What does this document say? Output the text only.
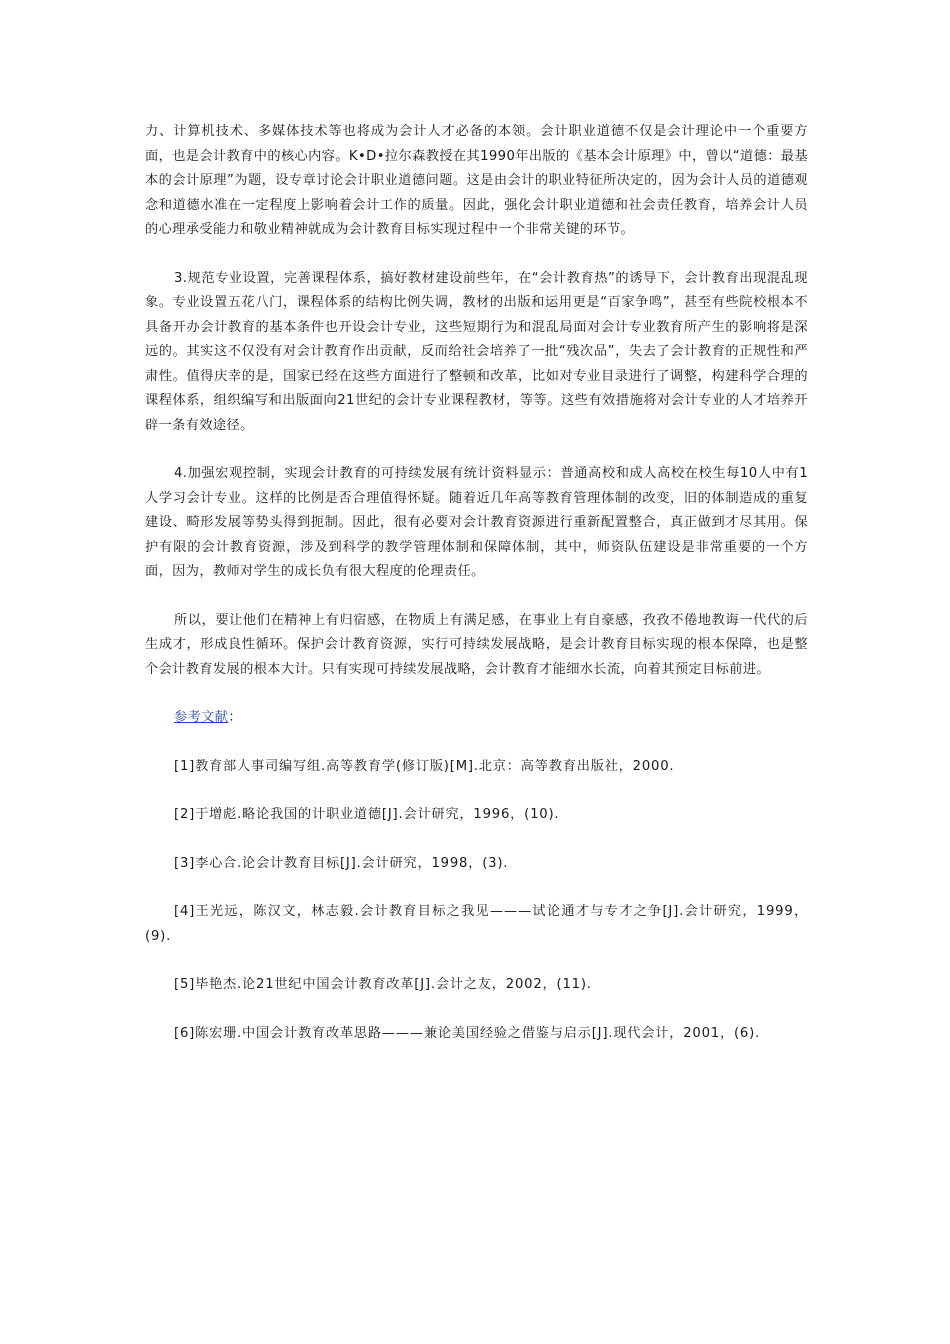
力、计算机技术、多媒体技术等也将成为会计人才必备的本领。会计职业道德不仅是会计理论中一个重要方面，也是会计教育中的核心内容。K•D•拉尔森教授在其1990年出版的《基本会计原理》中，曾以“道德：最基本的会计原理”为题，设专章讨论会计职业道德问题。这是由会计的职业特征所决定的，因为会计人员的道德观念和道德水准在一定程度上影响着会计工作的质量。因此，强化会计职业道德和社会责任教育，培养会计人员的心理承受能力和敬业精神就成为会计教育目标实现过程中一个非常关键的环节。

3.规范专业设置，完善课程体系，搞好教材建设前些年，在“会计教育热”的诱导下，会计教育出现混乱现象。专业设置五花八门，课程体系的结构比例失调，教材的出版和运用更是“百家争鸣”，甚至有些院校根本不具备开办会计教育的基本条件也开设会计专业，这些短期行为和混乱局面对会计专业教育所产生的影响将是深远的。其实这不仅没有对会计教育作出贡献，反而给社会培养了一批“残次品”，失去了会计教育的正规性和严肃性。值得庆幸的是，国家已经在这些方面进行了整顿和改革，比如对专业目录进行了调整，构建科学合理的课程体系，组织编写和出版面向21世纪的会计专业课程教材，等等。这些有效措施将对会计专业的人才培养开辟一条有效途径。

4.加强宏观控制，实现会计教育的可持续发展有统计资料显示：普通高校和成人高校在校生每10人中有1人学习会计专业。这样的比例是否合理值得怀疑。随着近几年高等教育管理体制的改变，旧的体制造成的重复建设、畸形发展等势头得到扼制。因此，很有必要对会计教育资源进行重新配置整合，真正做到才尽其用。保护有限的会计教育资源，涉及到科学的教学管理体制和保障体制，其中，师资队伍建设是非常重要的一个方面，因为，教师对学生的成长负有很大程度的伦理责任。

所以，要让他们在精神上有归宿感，在物质上有满足感，在事业上有自豪感，孜孜不倦地教诲一代代的后生成才，形成良性循环。保护会计教育资源，实行可持续发展战略，是会计教育目标实现的根本保障，也是整个会计教育发展的根本大计。只有实现可持续发展战略，会计教育才能细水长流，向着其预定目标前进。

参考文献：

[1]教育部人事司编写组.高等教育学(修订版)[M].北京：高等教育出版社，2000.

[2]于增彪.略论我国的计职业道德[J].会计研究，1996，(10).

[3]李心合.论会计教育目标[J].会计研究，1998，(3).

[4]王光远，陈汉文，林志毅.会计教育目标之我见———试论通才与专才之争[J].会计研究，1999，(9).

[5]毕艳杰.论21世纪中国会计教育改革[J].会计之友，2002，(11).

[6]陈宏珊.中国会计教育改革思路———兼论美国经验之借鉴与启示[J].现代会计，2001，(6).
